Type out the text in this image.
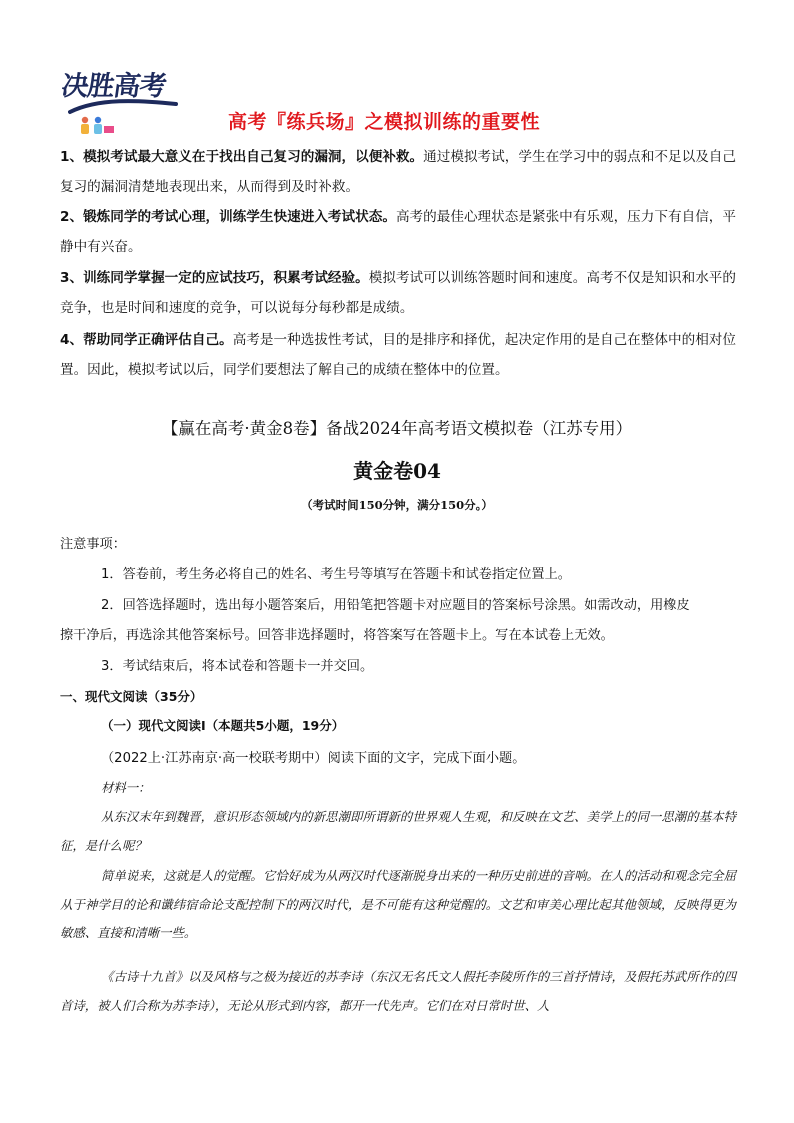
决胜高考
高考『练兵场』之模拟训练的重要性
1、模拟考试最大意义在于找出自己复习的漏洞，以便补救。通过模拟考试，学生在学习中的弱点和不足以及自己复习的漏洞清楚地表现出来，从而得到及时补救。
2、锻炼同学的考试心理，训练学生快速进入考试状态。高考的最佳心理状态是紧张中有乐观，压力下有自信，平静中有兴奋。
3、训练同学掌握一定的应试技巧，积累考试经验。模拟考试可以训练答题时间和速度。高考不仅是知识和水平的竞争，也是时间和速度的竞争，可以说每分每秒都是成绩。
4、帮助同学正确评估自己。高考是一种选拔性考试，目的是排序和择优，起决定作用的是自己在整体中的相对位置。因此，模拟考试以后，同学们要想法了解自己的成绩在整体中的位置。
【赢在高考·黄金8卷】备战2024年高考语文模拟卷（江苏专用）
黄金卷04
（考试时间150分钟，满分150分。）
注意事项：
1．答卷前，考生务必将自己的姓名、考生号等填写在答题卡和试卷指定位置上。
2．回答选择题时，选出每小题答案后，用铅笔把答题卡对应题目的答案标号涂黑。如需改动，用橡皮
擦干净后，再选涂其他答案标号。回答非选择题时，将答案写在答题卡上。写在本试卷上无效。
3．考试结束后，将本试卷和答题卡一并交回。
一、现代文阅读（35分）
（一）现代文阅读Ⅰ（本题共5小题，19分）
（2022上·江苏南京·高一校联考期中）阅读下面的文字，完成下面小题。
材料一：
从东汉末年到魏晋，意识形态领域内的新思潮即所谓新的世界观人生观，和反映在文艺、美学上的同一思潮的基本特征，是什么呢？
简单说来，这就是人的觉醒。它恰好成为从两汉时代逐渐脱身出来的一种历史前进的音响。在人的活动和观念完全屈从于神学目的论和谶纬宿命论支配控制下的两汉时代，是不可能有这种觉醒的。文艺和审美心理比起其他领域，反映得更为敏感、直接和清晰一些。
《古诗十九首》以及风格与之极为接近的苏李诗（东汉无名氏文人假托李陵所作的三首抒情诗，及假托苏武所作的四首诗，被人们合称为苏李诗），无论从形式到内容，都开一代先声。它们在对日常时世、人
